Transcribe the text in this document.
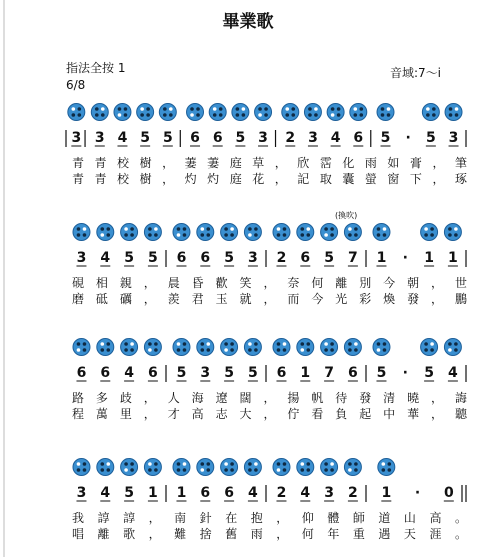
畢業歌
指法全按 1
6/8
音域:7～i
(換吹)
3 3 4 5 5 6 6 5 3 2 3 4 6 5 · 5 3
青青校樹，萋萋庭草，欣霑化雨如膏，筆
青青校樹，灼灼庭花，記取囊螢窗下，琢
3 4 5 5 6 6 5 3 2 6 5 7 1 · 1 1
硯相親，晨昏歡笑，奈何離別今朝，世
磨砥礪，羨君玉就，而今光彩煥發，鵬
6 6 4 6 5 3 5 5 6 1 7 6 5 · 5 4
路多歧，人海遼闊，揚帆待發清曉，誨
程萬里，才高志大，佇看負起中華，聽
3 4 5 1 1 6 6 4 2 4 3 2 1 · 0
我諄諄，南針在抱，仰體師道山高。
唱離歌，難捨舊雨，何年重遇天涯。
